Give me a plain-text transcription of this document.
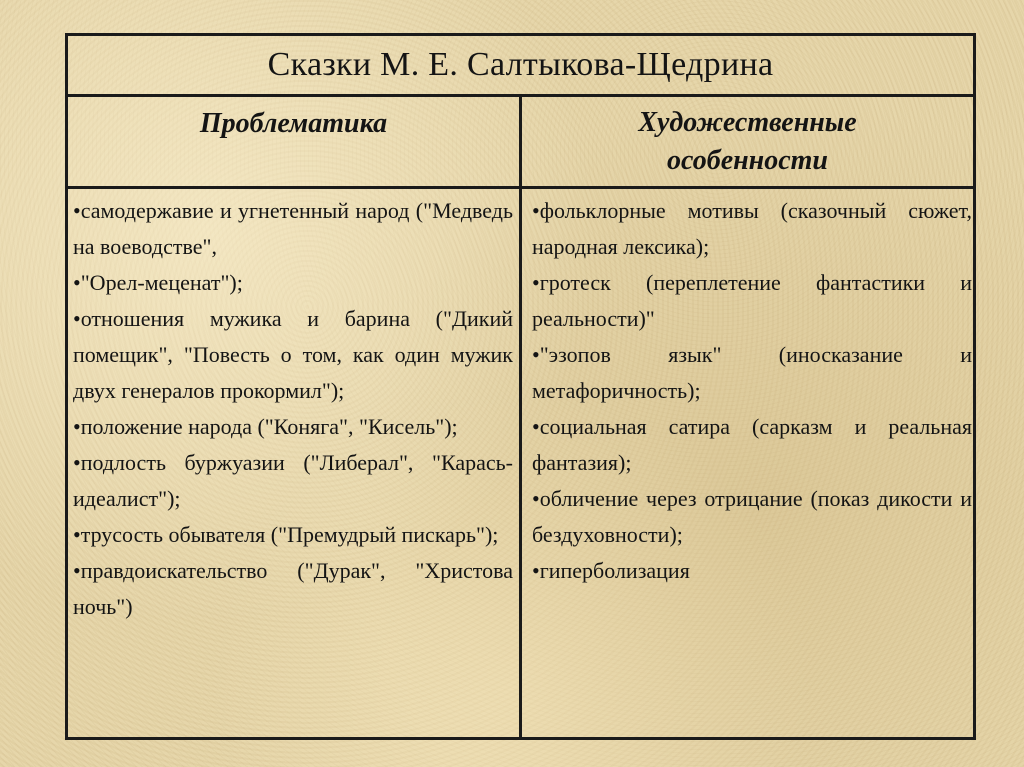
Сказки М. Е. Салтыкова-Щедрина
Проблематика	Художественные
особенности

•самодержавие и угнетенный народ ("Медведь на воеводстве",

•"Орел-меценат");

•отношения мужика и барина ("Дикий помещик", "Повесть о том, как один мужик двух генералов прокормил");

•положение народа ("Коняга", "Кисель");

•подлость буржуазии ("Либерал", "Карась-идеалист");

•трусость обывателя ("Премудрый пискарь");

•правдоискательство ("Дурак", "Христова ночь")

•фольклорные мотивы (сказочный сюжет, народная лексика);

•гротеск (переплетение фантастики и реальности)"

•"эзопов язык" (иносказание и метафоричность);

•социальная сатира (сарказм и реальная фантазия);

•обличение через отрицание (показ дикости и бездуховности);

•гиперболизация
